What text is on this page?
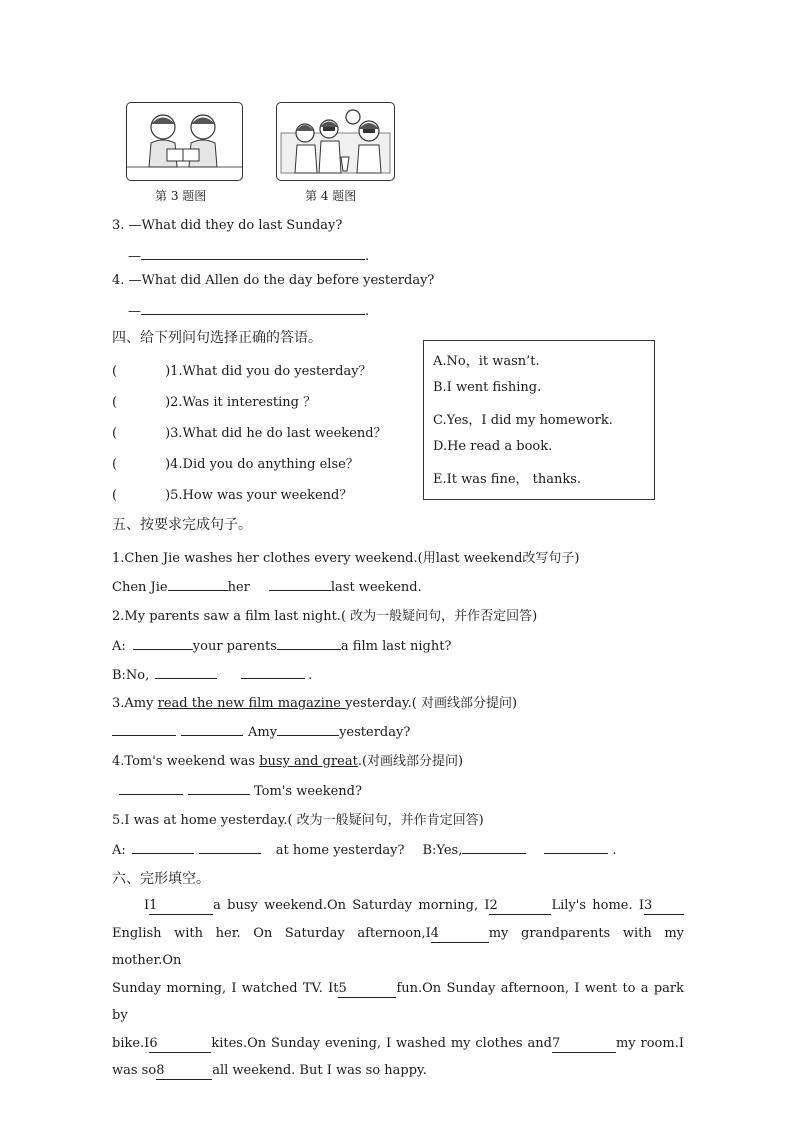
第 3 题图	第 4 题图
3. —What did they do last Sunday?
—	.
4. —What did Allen do the day before yesterday?
—	.
四、给下列问句选择正确的答语。
(	)1.What did you do yesterday？
(	)2.Was it interesting ？
(	)3.What did he do last weekend？
(	)4.Did you do anything else？
(	)5.How was your weekend？
A.No，it wasn’t.
B.I went fishing.
C.Yes，I did my homework.
D.He read a book.
E.It was fine， thanks.
五、按要求完成句子。
1.Chen Jie washes her clothes every weekend.(用last weekend改写句子)
Chen Jie	her	last weekend.
2.My parents saw a film last night.( 改为一般疑问句，并作否定回答)
A:	your parents	a film last night?
B:No,	.
3.Amy read the new film magazine yesterday.( 对画线部分提问)
Amy	yesterday?
4.Tom's weekend was busy and great.(对画线部分提问)
Tom's weekend?
5.I was at home yesterday.( 改为一般疑问句，并作肯定回答)
A:	at home yesterday? B:Yes,	.
六、完形填空。

I1	a busy weekend.On Saturday morning, I2	Lily's home. I3

English with her. On Saturday afternoon,I4	my grandparents with my mother.On

Sunday morning, I watched TV. It5	fun.On Sunday afternoon, I went to a park by

bike.I6	kites.On Sunday evening, I washed my clothes and7	my room.I

was so8	all weekend. But I was so happy.
